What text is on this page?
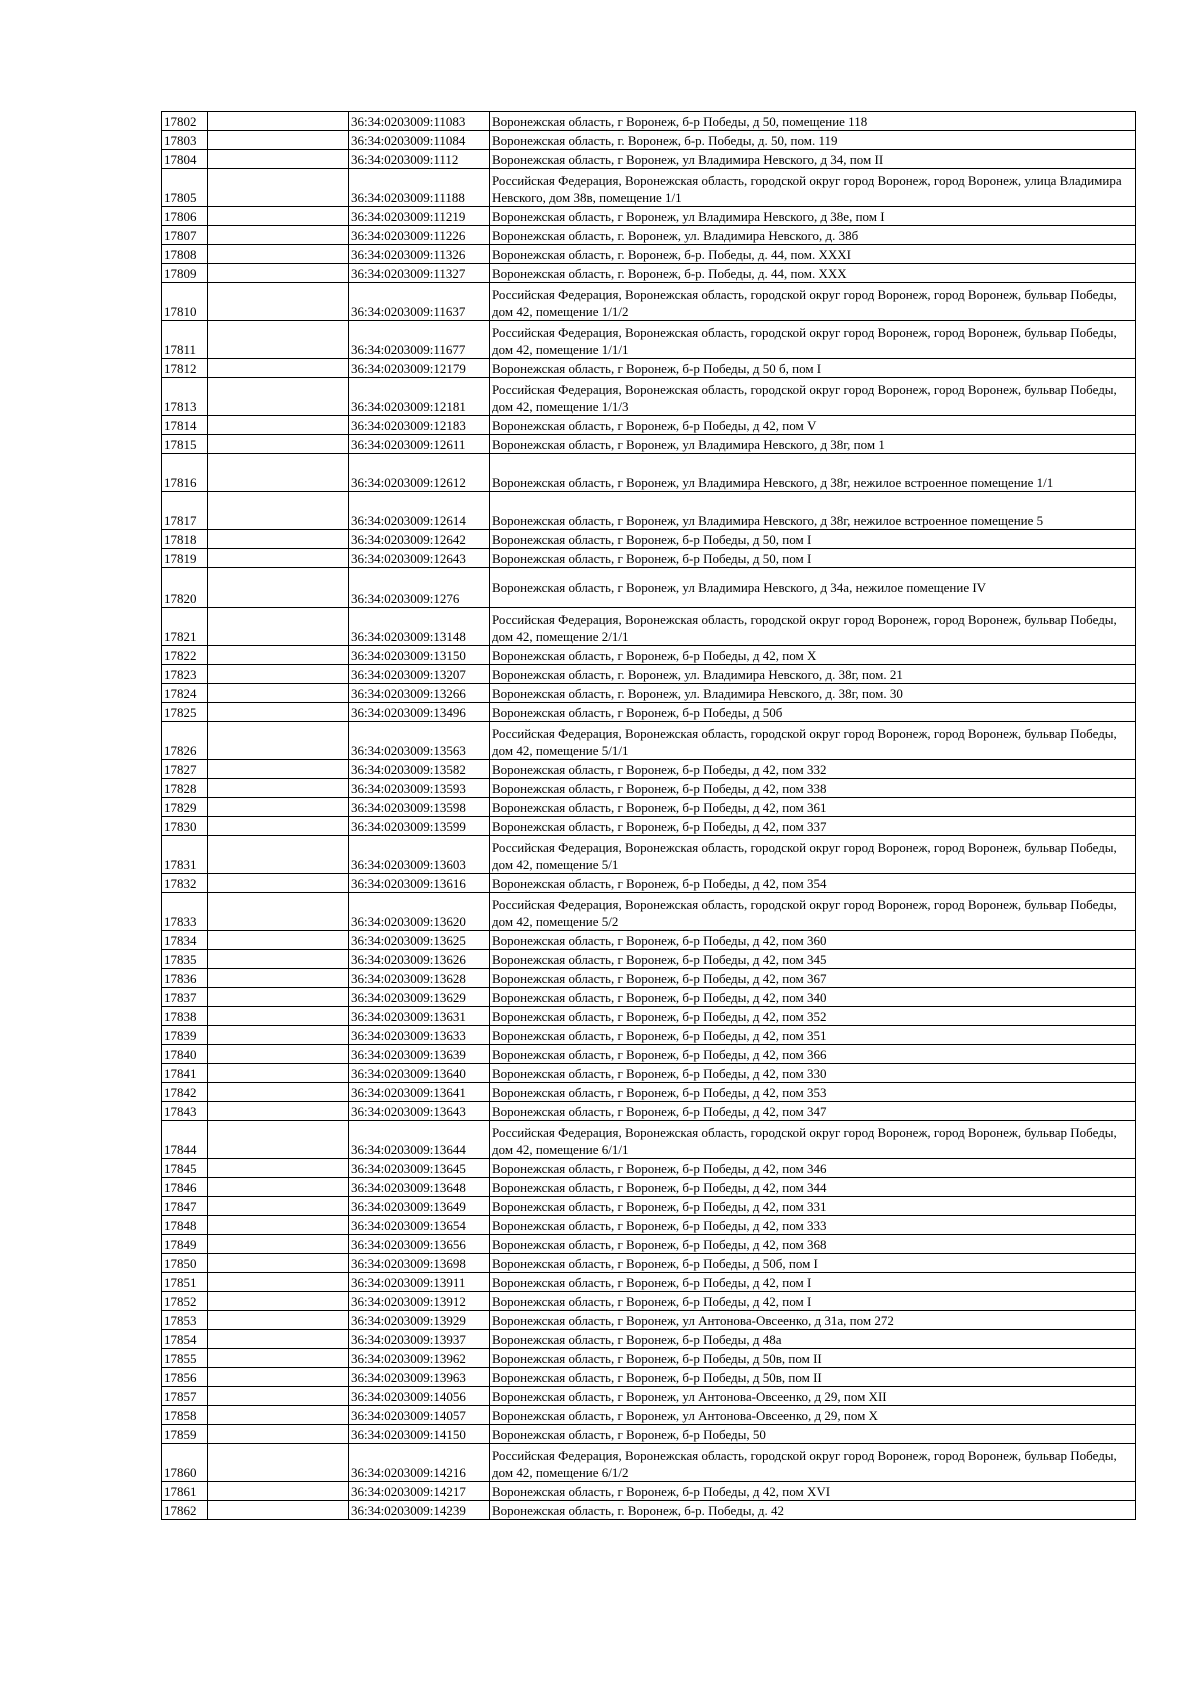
17802		36:34:0203009:11083	Воронежская область, г Воронеж, б-р Победы, д 50, помещение 118
17803		36:34:0203009:11084	Воронежская область, г. Воронеж, б-р. Победы, д. 50, пом. 119
17804		36:34:0203009:1112	Воронежская область, г Воронеж, ул Владимира Невского, д 34, пом II
17805		36:34:0203009:11188	Российская Федерация, Воронежская область, городской округ город Воронеж, город Воронеж, улица Владимира Невского, дом 38в, помещение 1/1
17806		36:34:0203009:11219	Воронежская область, г Воронеж, ул Владимира Невского, д 38е, пом I
17807		36:34:0203009:11226	Воронежская область, г. Воронеж, ул. Владимира Невского, д. 38б
17808		36:34:0203009:11326	Воронежская область, г. Воронеж, б-р. Победы, д. 44, пом. XXXI
17809		36:34:0203009:11327	Воронежская область, г. Воронеж, б-р. Победы, д. 44, пом. XXX
17810		36:34:0203009:11637	Российская Федерация, Воронежская область, городской округ город Воронеж, город Воронеж, бульвар Победы, дом 42, помещение 1/1/2
17811		36:34:0203009:11677	Российская Федерация, Воронежская область, городской округ город Воронеж, город Воронеж, бульвар Победы, дом 42, помещение 1/1/1
17812		36:34:0203009:12179	Воронежская область, г Воронеж, б-р Победы, д 50 б, пом I
17813		36:34:0203009:12181	Российская Федерация, Воронежская область, городской округ город Воронеж, город Воронеж, бульвар Победы, дом 42, помещение 1/1/3
17814		36:34:0203009:12183	Воронежская область, г Воронеж, б-р Победы, д 42, пом V
17815		36:34:0203009:12611	Воронежская область, г Воронеж, ул Владимира Невского, д 38г, пом 1
17816		36:34:0203009:12612	Воронежская область, г Воронеж, ул Владимира Невского, д 38г, нежилое встроенное помещение 1/1
17817		36:34:0203009:12614	Воронежская область, г Воронеж, ул Владимира Невского, д 38г, нежилое встроенное помещение 5
17818		36:34:0203009:12642	Воронежская область, г Воронеж, б-р Победы, д 50, пом I
17819		36:34:0203009:12643	Воронежская область, г Воронеж, б-р Победы, д 50, пом I
17820		36:34:0203009:1276	Воронежская область, г Воронеж, ул Владимира Невского, д 34а, нежилое помещение IV
17821		36:34:0203009:13148	Российская Федерация, Воронежская область, городской округ город Воронеж, город Воронеж, бульвар Победы, дом 42, помещение 2/1/1
17822		36:34:0203009:13150	Воронежская область, г Воронеж, б-р Победы, д 42, пом X
17823		36:34:0203009:13207	Воронежская область, г. Воронеж, ул. Владимира Невского, д. 38г, пом. 21
17824		36:34:0203009:13266	Воронежская область, г. Воронеж, ул. Владимира Невского, д. 38г, пом. 30
17825		36:34:0203009:13496	Воронежская область, г Воронеж, б-р Победы, д 50б
17826		36:34:0203009:13563	Российская Федерация, Воронежская область, городской округ город Воронеж, город Воронеж, бульвар Победы, дом 42, помещение 5/1/1
17827		36:34:0203009:13582	Воронежская область, г Воронеж, б-р Победы, д 42, пом 332
17828		36:34:0203009:13593	Воронежская область, г Воронеж, б-р Победы, д 42, пом 338
17829		36:34:0203009:13598	Воронежская область, г Воронеж, б-р Победы, д 42, пом 361
17830		36:34:0203009:13599	Воронежская область, г Воронеж, б-р Победы, д 42, пом 337
17831		36:34:0203009:13603	Российская Федерация, Воронежская область, городской округ город Воронеж, город Воронеж, бульвар Победы, дом 42, помещение 5/1
17832		36:34:0203009:13616	Воронежская область, г Воронеж, б-р Победы, д 42, пом 354
17833		36:34:0203009:13620	Российская Федерация, Воронежская область, городской округ город Воронеж, город Воронеж, бульвар Победы, дом 42, помещение 5/2
17834		36:34:0203009:13625	Воронежская область, г Воронеж, б-р Победы, д 42, пом 360
17835		36:34:0203009:13626	Воронежская область, г Воронеж, б-р Победы, д 42, пом 345
17836		36:34:0203009:13628	Воронежская область, г Воронеж, б-р Победы, д 42, пом 367
17837		36:34:0203009:13629	Воронежская область, г Воронеж, б-р Победы, д 42, пом 340
17838		36:34:0203009:13631	Воронежская область, г Воронеж, б-р Победы, д 42, пом 352
17839		36:34:0203009:13633	Воронежская область, г Воронеж, б-р Победы, д 42, пом 351
17840		36:34:0203009:13639	Воронежская область, г Воронеж, б-р Победы, д 42, пом 366
17841		36:34:0203009:13640	Воронежская область, г Воронеж, б-р Победы, д 42, пом 330
17842		36:34:0203009:13641	Воронежская область, г Воронеж, б-р Победы, д 42, пом 353
17843		36:34:0203009:13643	Воронежская область, г Воронеж, б-р Победы, д 42, пом 347
17844		36:34:0203009:13644	Российская Федерация, Воронежская область, городской округ город Воронеж, город Воронеж, бульвар Победы, дом 42, помещение 6/1/1
17845		36:34:0203009:13645	Воронежская область, г Воронеж, б-р Победы, д 42, пом 346
17846		36:34:0203009:13648	Воронежская область, г Воронеж, б-р Победы, д 42, пом 344
17847		36:34:0203009:13649	Воронежская область, г Воронеж, б-р Победы, д 42, пом 331
17848		36:34:0203009:13654	Воронежская область, г Воронеж, б-р Победы, д 42, пом 333
17849		36:34:0203009:13656	Воронежская область, г Воронеж, б-р Победы, д 42, пом 368
17850		36:34:0203009:13698	Воронежская область, г Воронеж, б-р Победы, д 50б, пом I
17851		36:34:0203009:13911	Воронежская область, г Воронеж, б-р Победы, д 42, пом I
17852		36:34:0203009:13912	Воронежская область, г Воронеж, б-р Победы, д 42, пом I
17853		36:34:0203009:13929	Воронежская область, г Воронеж, ул Антонова-Овсеенко, д 31а, пом 272
17854		36:34:0203009:13937	Воронежская область, г Воронеж, б-р Победы, д 48а
17855		36:34:0203009:13962	Воронежская область, г Воронеж, б-р Победы, д 50в, пом II
17856		36:34:0203009:13963	Воронежская область, г Воронеж, б-р Победы, д 50в, пом II
17857		36:34:0203009:14056	Воронежская область, г Воронеж, ул Антонова-Овсеенко, д 29, пом XII
17858		36:34:0203009:14057	Воронежская область, г Воронеж, ул Антонова-Овсеенко, д 29, пом X
17859		36:34:0203009:14150	Воронежская область, г Воронеж, б-р Победы, 50
17860		36:34:0203009:14216	Российская Федерация, Воронежская область, городской округ город Воронеж, город Воронеж, бульвар Победы, дом 42, помещение 6/1/2
17861		36:34:0203009:14217	Воронежская область, г Воронеж, б-р Победы, д 42, пом XVI
17862		36:34:0203009:14239	Воронежская область, г. Воронеж, б-р. Победы, д. 42
